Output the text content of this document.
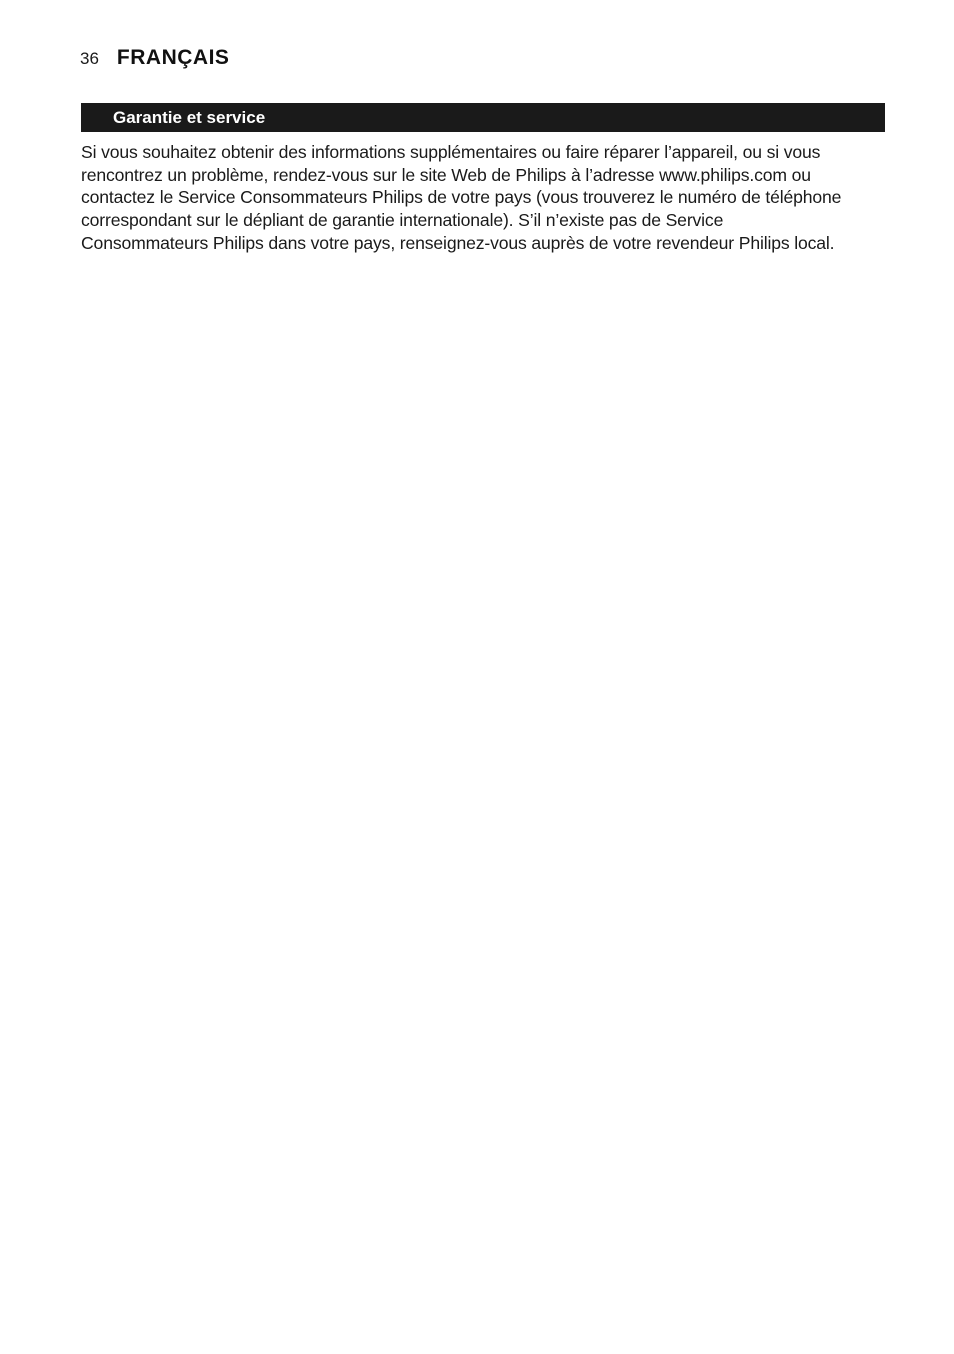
36 FRANÇAIS
Garantie et service

Si vous souhaitez obtenir des informations supplémentaires ou faire réparer l’appareil, ou si vous
rencontrez un problème, rendez-vous sur le site Web de Philips à l’adresse www.philips.com ou
contactez le Service Consommateurs Philips de votre pays (vous trouverez le numéro de téléphone
correspondant sur le dépliant de garantie internationale). S’il n’existe pas de Service
Consommateurs Philips dans votre pays, renseignez-vous auprès de votre revendeur Philips local.
